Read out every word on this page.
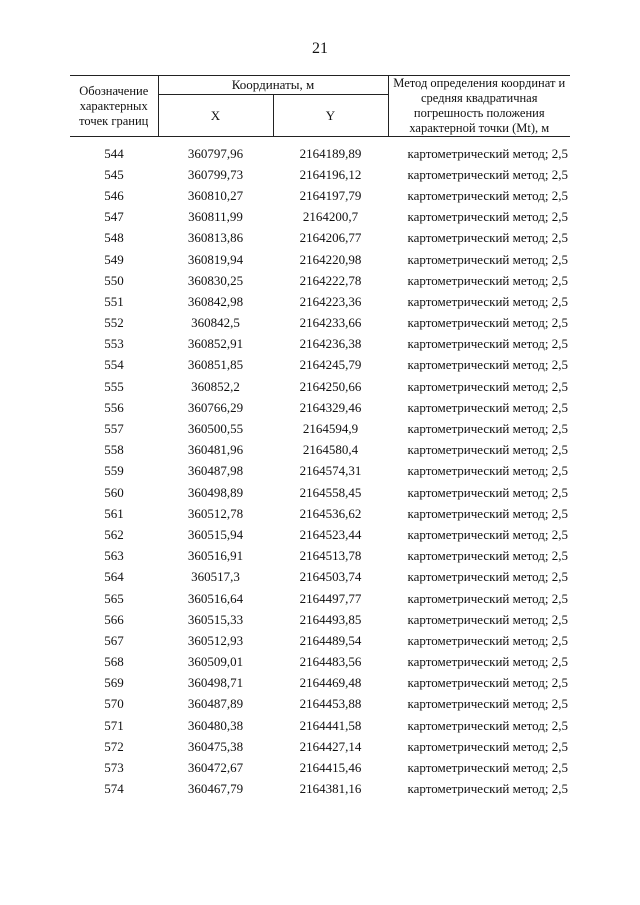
21
Обозначение характерных точек границ	Координаты, м		Метод определения координат и средняя квадратичная погрешность положения характерной точки (Mt), м
	X	Y	

544	360797,96	2164189,89	картометрический метод; 2,5
545	360799,73	2164196,12	картометрический метод; 2,5
546	360810,27	2164197,79	картометрический метод; 2,5
547	360811,99	2164200,7	картометрический метод; 2,5
548	360813,86	2164206,77	картометрический метод; 2,5
549	360819,94	2164220,98	картометрический метод; 2,5
550	360830,25	2164222,78	картометрический метод; 2,5
551	360842,98	2164223,36	картометрический метод; 2,5
552	360842,5	2164233,66	картометрический метод; 2,5
553	360852,91	2164236,38	картометрический метод; 2,5
554	360851,85	2164245,79	картометрический метод; 2,5
555	360852,2	2164250,66	картометрический метод; 2,5
556	360766,29	2164329,46	картометрический метод; 2,5
557	360500,55	2164594,9	картометрический метод; 2,5
558	360481,96	2164580,4	картометрический метод; 2,5
559	360487,98	2164574,31	картометрический метод; 2,5
560	360498,89	2164558,45	картометрический метод; 2,5
561	360512,78	2164536,62	картометрический метод; 2,5
562	360515,94	2164523,44	картометрический метод; 2,5
563	360516,91	2164513,78	картометрический метод; 2,5
564	360517,3	2164503,74	картометрический метод; 2,5
565	360516,64	2164497,77	картометрический метод; 2,5
566	360515,33	2164493,85	картометрический метод; 2,5
567	360512,93	2164489,54	картометрический метод; 2,5
568	360509,01	2164483,56	картометрический метод; 2,5
569	360498,71	2164469,48	картометрический метод; 2,5
570	360487,89	2164453,88	картометрический метод; 2,5
571	360480,38	2164441,58	картометрический метод; 2,5
572	360475,38	2164427,14	картометрический метод; 2,5
573	360472,67	2164415,46	картометрический метод; 2,5
574	360467,79	2164381,16	картометрический метод; 2,5
